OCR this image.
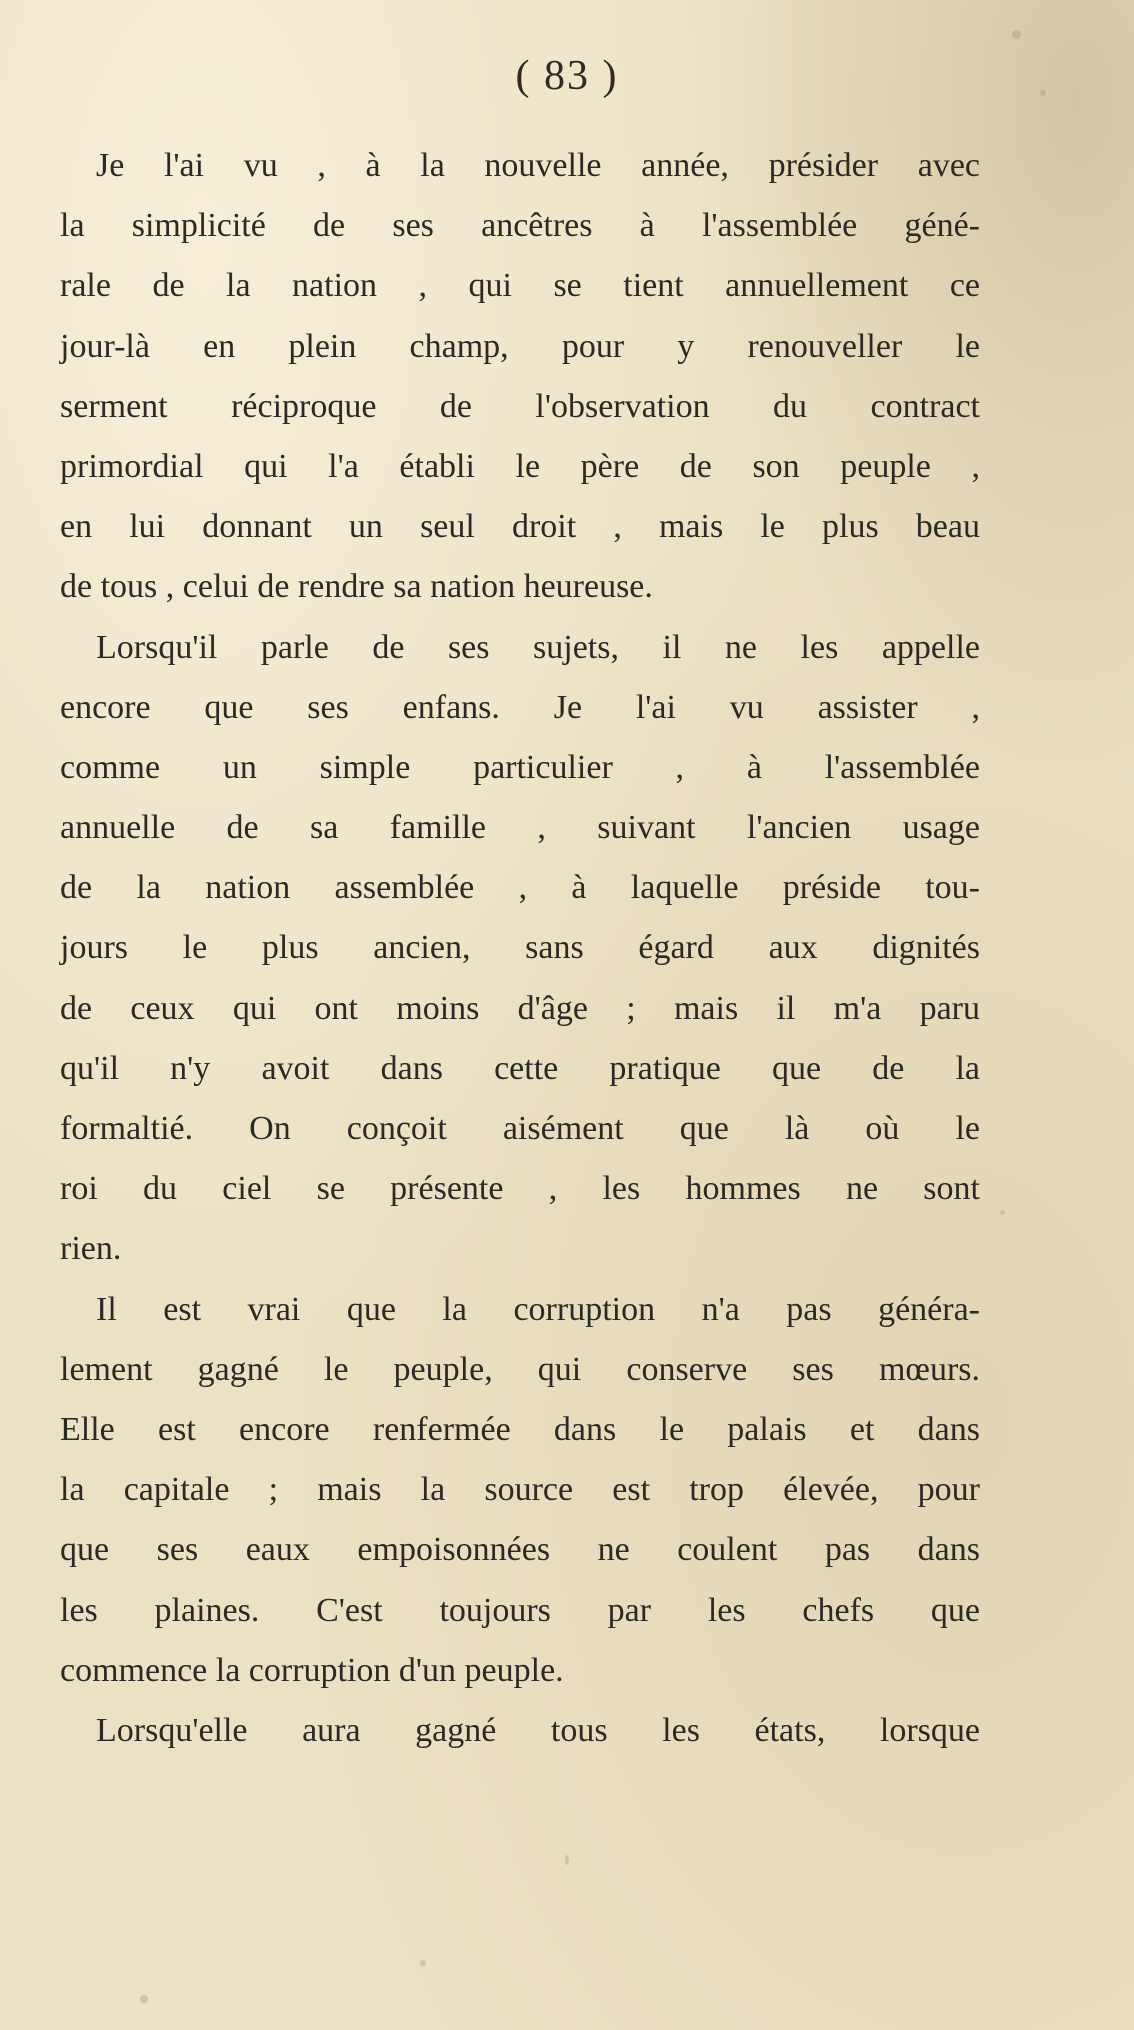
( 83 )
Je l'ai vu , à la nouvelle année, présider avec
la simplicité de ses ancêtres à l'assemblée géné-
rale de la nation , qui se tient annuellement ce
jour-là en plein champ, pour y renouveller le
serment réciproque de l'observation du contract
primordial qui l'a établi le père de son peuple ,
en lui donnant un seul droit , mais le plus beau
de tous , celui de rendre sa nation heureuse.
Lorsqu'il parle de ses sujets, il ne les appelle
encore que ses enfans. Je l'ai vu assister ,
comme un simple particulier , à l'assemblée
annuelle de sa famille , suivant l'ancien usage
de la nation assemblée , à laquelle préside tou-
jours le plus ancien, sans égard aux dignités
de ceux qui ont moins d'âge ; mais il m'a paru
qu'il n'y avoit dans cette pratique que de la
formaltié. On conçoit aisément que là où le
roi du ciel se présente , les hommes ne sont
rien.
Il est vrai que la corruption n'a pas généra-
lement gagné le peuple, qui conserve ses mœurs.
Elle est encore renfermée dans le palais et dans
la capitale ; mais la source est trop élevée, pour
que ses eaux empoisonnées ne coulent pas dans
les plaines. C'est toujours par les chefs que
commence la corruption d'un peuple.
Lorsqu'elle aura gagné tous les états, lorsque
